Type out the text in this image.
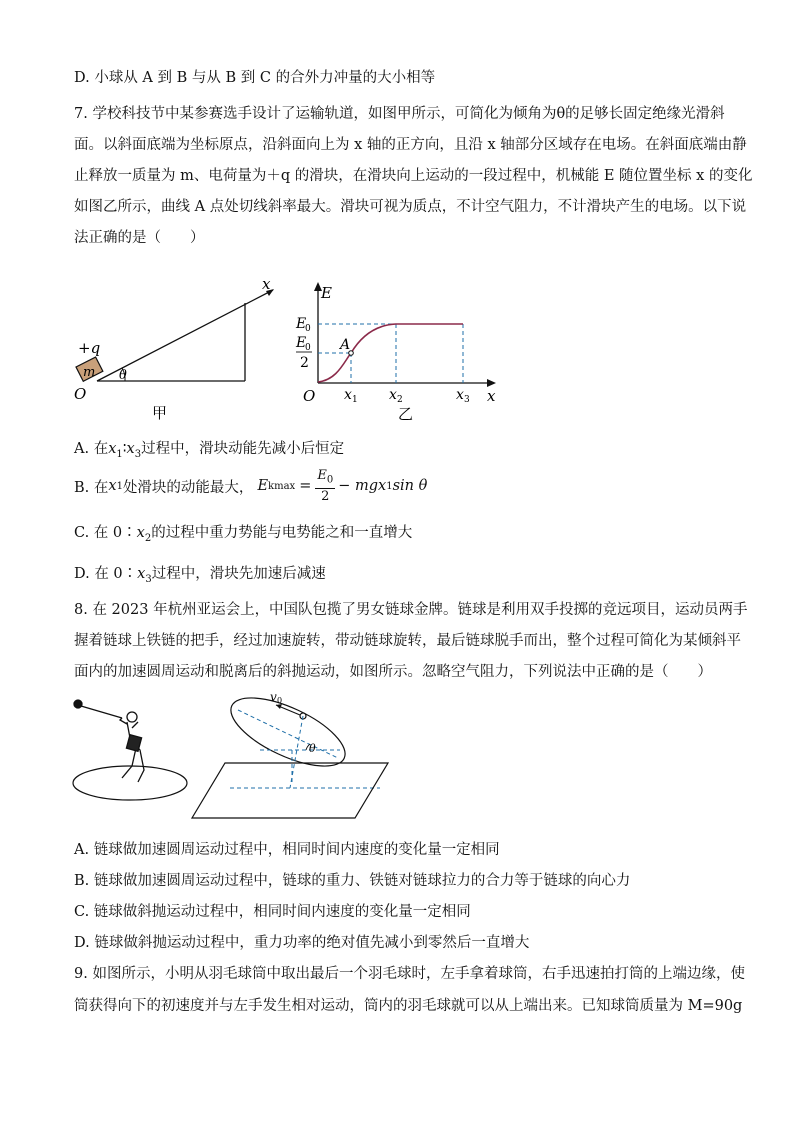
D. 小球从 A 到 B 与从 B 到 C 的合外力冲量的大小相等
7. 学校科技节中某参赛选手设计了运输轨道，如图甲所示，可简化为倾角为θ的足够长固定绝缘光滑斜
面。以斜面底端为坐标原点，沿斜面向上为 x 轴的正方向，且沿 x 轴部分区域存在电场。在斜面底端由静
止释放一质量为 m、电荷量为＋q 的滑块，在滑块向上运动的一段过程中，机械能 E 随位置坐标 x 的变化
如图乙所示，曲线 A 点处切线斜率最大。滑块可视为质点，不计空气阻力，不计滑块产生的电场。以下说
法正确的是（　　）
x
+q
m θ
O
甲
E
x
O
E
0
E
0
2
A
x 1 x 2	x 3
乙
A. 在$x_1∶x_3$过程中，滑块动能先减小后恒定
B. 在 x 1 处滑块的动能最大， E $kmax = \frac{E_0}{2}$ − mgx 1 sin θ
C. 在 $0∶x_2$的过程中重力势能与电势能之和一直增大
D. 在 $0∶x_3$过程中，滑块先加速后减速
8. 在 2023 年杭州亚运会上，中国队包揽了男女链球金牌。链球是利用双手投掷的竞远项目，运动员两手
握着链球上铁链的把手，经过加速旋转，带动链球旋转，最后链球脱手而出，整个过程可简化为某倾斜平
面内的加速圆周运动和脱离后的斜抛运动，如图所示。忽略空气阻力，下列说法中正确的是（　　）
v 0
θ
A. 链球做加速圆周运动过程中，相同时间内速度的变化量一定相同
B. 链球做加速圆周运动过程中，链球的重力、铁链对链球拉力的合力等于链球的向心力
C. 链球做斜抛运动过程中，相同时间内速度的变化量一定相同
D. 链球做斜抛运动过程中，重力功率的绝对值先减小到零然后一直增大
9. 如图所示，小明从羽毛球筒中取出最后一个羽毛球时，左手拿着球筒，右手迅速拍打筒的上端边缘，使
筒获得向下的初速度并与左手发生相对运动，筒内的羽毛球就可以从上端出来。已知球筒质量为 M=90g
